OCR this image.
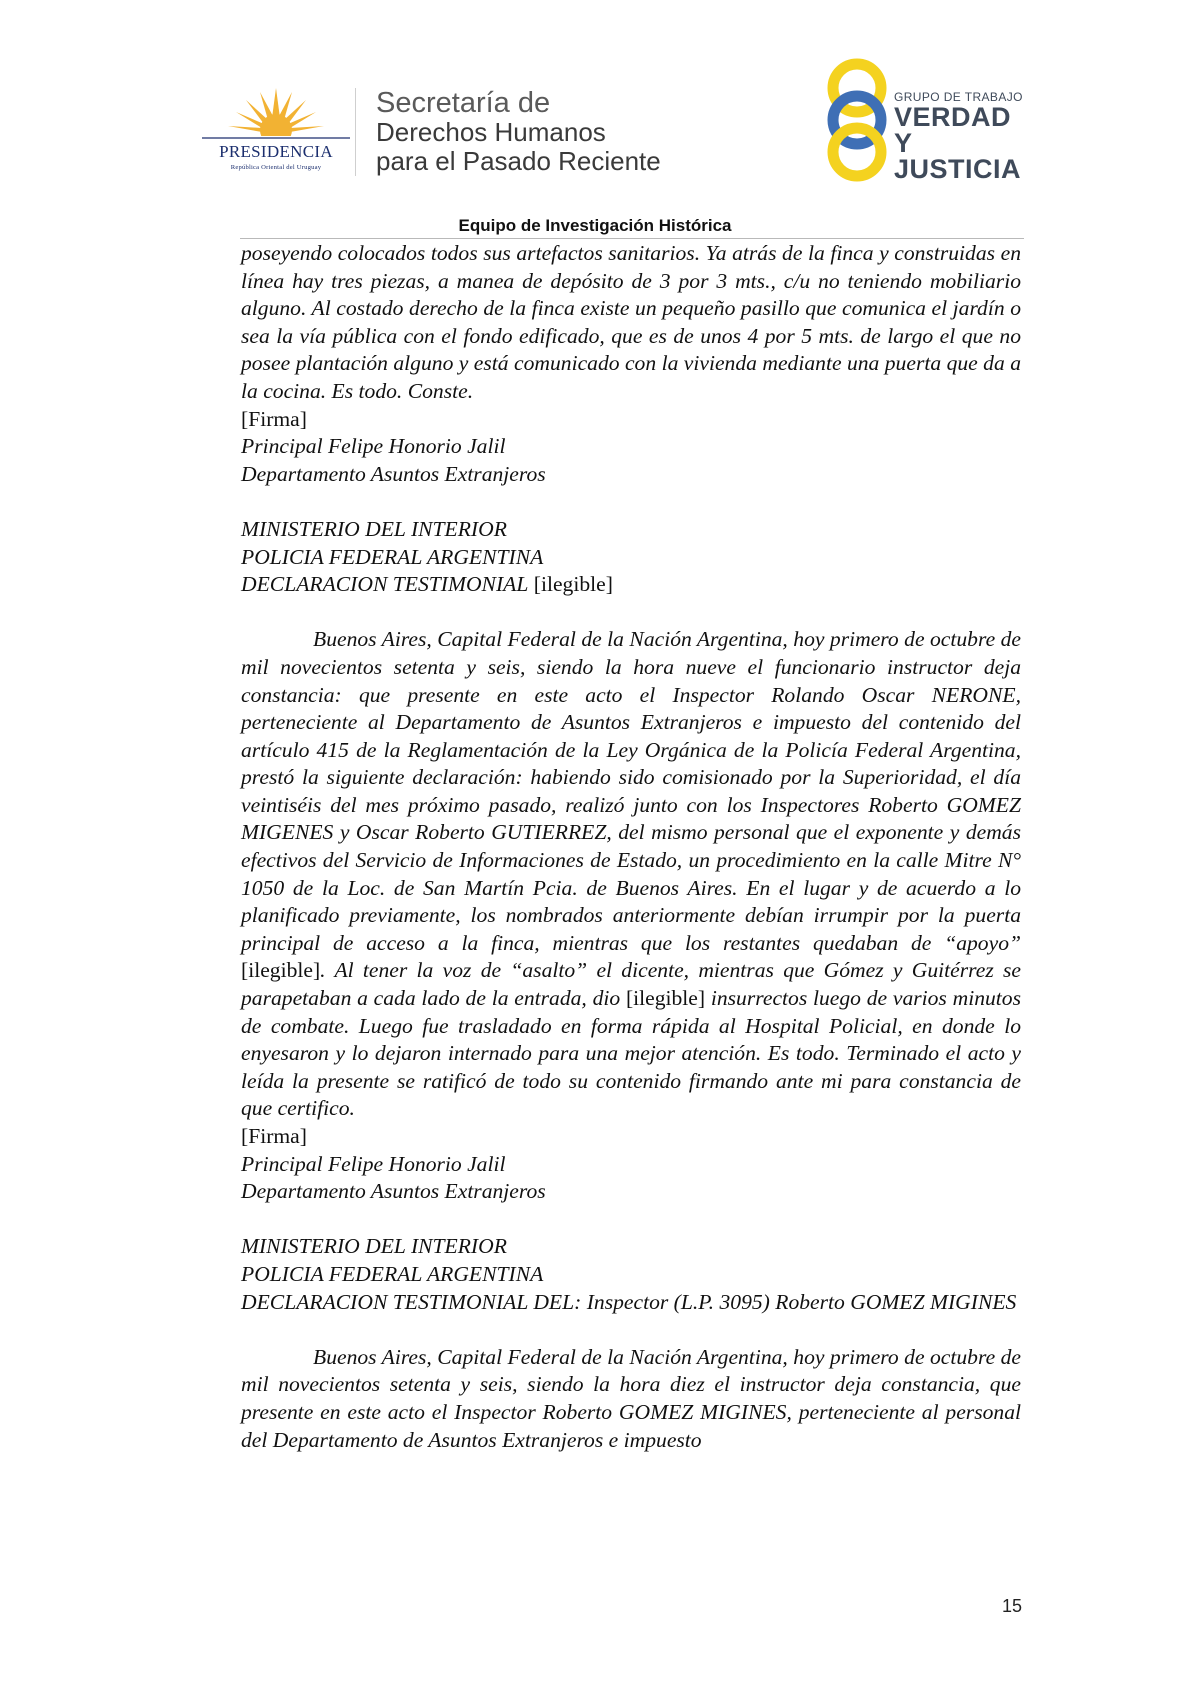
PRESIDENCIA
República Oriental del Uruguay
Secretaría de
Derechos Humanos
para el Pasado Reciente
GRUPO DE TRABAJO
VERDAD Y
JUSTICIA
Equipo de Investigación Histórica

poseyendo colocados todos sus artefactos sanitarios. Ya atrás de la finca y construidas en línea hay tres piezas, a manea de depósito de 3 por 3 mts., c/u no teniendo mobiliario alguno. Al costado derecho de la finca existe un pequeño pasillo que comunica el jardín o sea la vía pública con el fondo edificado, que es de unos 4 por 5 mts. de largo el que no posee plantación alguno y está comunicado con la vivienda mediante una puerta que da a la cocina. Es todo. Conste.

[Firma]

Principal Felipe Honorio Jalil

Departamento Asuntos Extranjeros

MINISTERIO DEL INTERIOR

POLICIA FEDERAL ARGENTINA

DECLARACION TESTIMONIAL [ilegible]

Buenos Aires, Capital Federal de la Nación Argentina, hoy primero de octubre de mil novecientos setenta y seis, siendo la hora nueve el funcionario instructor deja constancia: que presente en este acto el Inspector Rolando Oscar NERONE, perteneciente al Departamento de Asuntos Extranjeros e impuesto del contenido del artículo 415 de la Reglamentación de la Ley Orgánica de la Policía Federal Argentina, prestó la siguiente declaración: habiendo sido comisionado por la Superioridad, el día veintiséis del mes próximo pasado, realizó junto con los Inspectores Roberto GOMEZ MIGENES y Oscar Roberto GUTIERREZ, del mismo personal que el exponente y demás efectivos del Servicio de Informaciones de Estado, un procedimiento en la calle Mitre N° 1050 de la Loc. de San Martín Pcia. de Buenos Aires. En el lugar y de acuerdo a lo planificado previamente, los nombrados anteriormente debían irrumpir por la puerta principal de acceso a la finca, mientras que los restantes quedaban de “apoyo” [ilegible]. Al tener la voz de “asalto” el dicente, mientras que Gómez y Guitérrez se parapetaban a cada lado de la entrada, dio [ilegible] insurrectos luego de varios minutos de combate. Luego fue trasladado en forma rápida al Hospital Policial, en donde lo enyesaron y lo dejaron internado para una mejor atención. Es todo. Terminado el acto y leída la presente se ratificó de todo su contenido firmando ante mi para constancia de que certifico.

[Firma]

Principal Felipe Honorio Jalil

Departamento Asuntos Extranjeros

MINISTERIO DEL INTERIOR

POLICIA FEDERAL ARGENTINA

DECLARACION TESTIMONIAL DEL: Inspector (L.P. 3095) Roberto GOMEZ MIGINES

Buenos Aires, Capital Federal de la Nación Argentina, hoy primero de octubre de mil novecientos setenta y seis, siendo la hora diez el instructor deja constancia, que presente en este acto el Inspector Roberto GOMEZ MIGINES, perteneciente al personal del Departamento de Asuntos Extranjeros e impuesto

15
